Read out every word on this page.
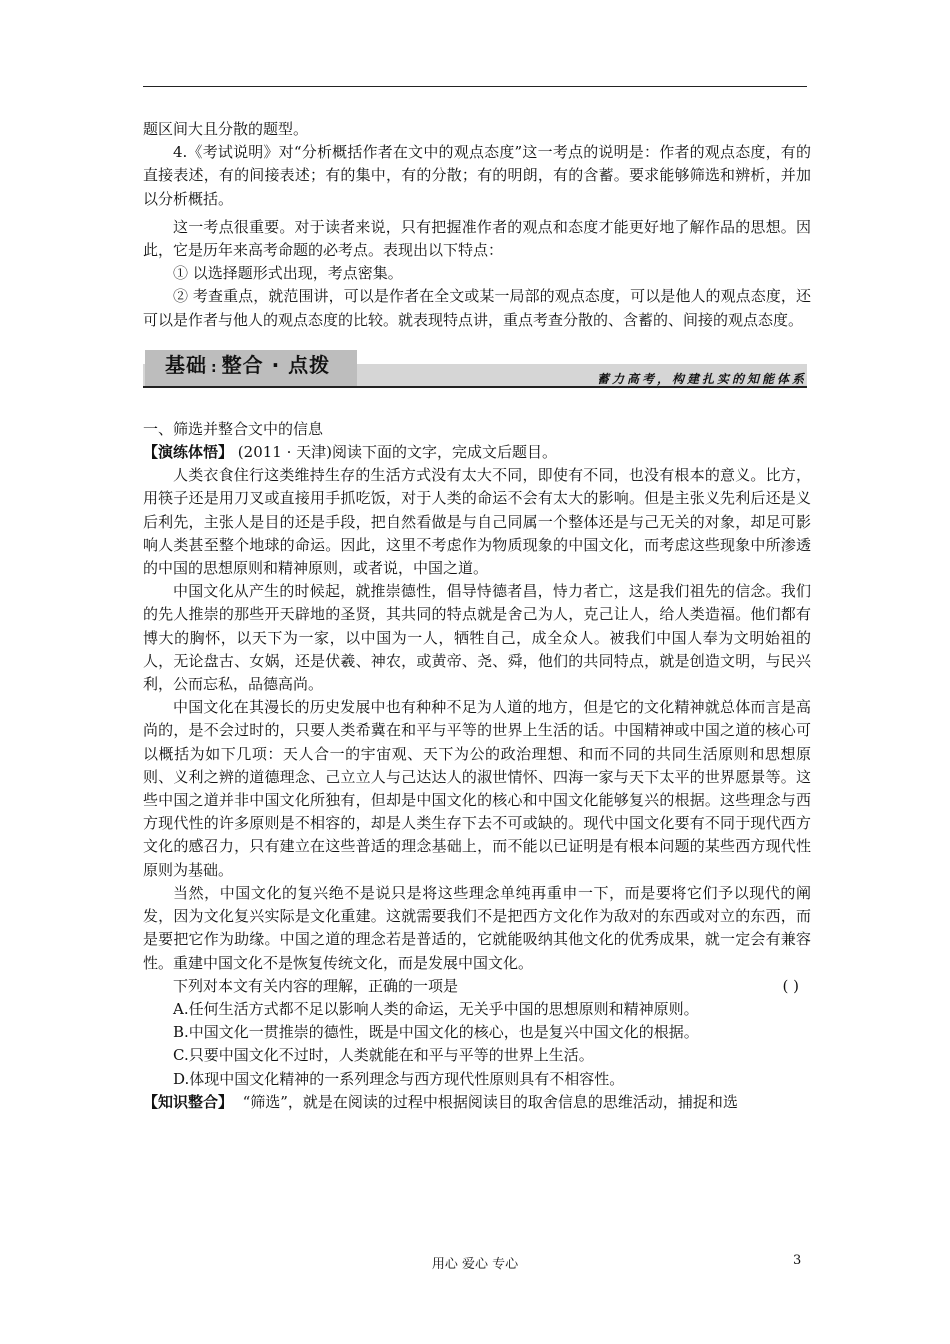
题区间大且分散的题型。

4.《考试说明》对“分析概括作者在文中的观点态度”这一考点的说明是：作者的观点态度，有的直接表述，有的间接表述；有的集中，有的分散；有的明朗，有的含蓄。要求能够筛选和辨析，并加以分析概括。

这一考点很重要。对于读者来说，只有把握准作者的观点和态度才能更好地了解作品的思想。因此，它是历年来高考命题的必考点。表现出以下特点：

① 以选择题形式出现，考点密集。

② 考查重点，就范围讲，可以是作者在全文或某一局部的观点态度，可以是他人的观点态度，还可以是作者与他人的观点态度的比较。就表现特点讲，重点考查分散的、含蓄的、间接的观点态度。

基础 : 整合 · 点拨
蓄力高考，构建扎实的知能体系

一、筛选并整合文中的信息

【演练体悟】 (2011 · 天津)阅读下面的文字，完成文后题目。

人类衣食住行这类维持生存的生活方式没有太大不同，即使有不同，也没有根本的意义。比方，用筷子还是用刀叉或直接用手抓吃饭，对于人类的命运不会有太大的影响。但是主张义先利后还是义后利先，主张人是目的还是手段，把自然看做是与自己同属一个整体还是与己无关的对象，却足可影响人类甚至整个地球的命运。因此，这里不考虑作为物质现象的中国文化，而考虑这些现象中所渗透的中国的思想原则和精神原则，或者说，中国之道。

中国文化从产生的时候起，就推崇德性，倡导恃德者昌，恃力者亡，这是我们祖先的信念。我们的先人推崇的那些开天辟地的圣贤，其共同的特点就是舍己为人，克己让人，给人类造福。他们都有博大的胸怀，以天下为一家，以中国为一人，牺牲自己，成全众人。被我们中国人奉为文明始祖的人，无论盘古、女娲，还是伏羲、神农，或黄帝、尧、舜，他们的共同特点，就是创造文明，与民兴利，公而忘私，品德高尚。

中国文化在其漫长的历史发展中也有种种不足为人道的地方，但是它的文化精神就总体而言是高尚的，是不会过时的，只要人类希冀在和平与平等的世界上生活的话。中国精神或中国之道的核心可以概括为如下几项：天人合一的宇宙观、天下为公的政治理想、和而不同的共同生活原则和思想原则、义利之辨的道德理念、己立立人与己达达人的淑世情怀、四海一家与天下太平的世界愿景等。这些中国之道并非中国文化所独有，但却是中国文化的核心和中国文化能够复兴的根据。这些理念与西方现代性的许多原则是不相容的，却是人类生存下去不可或缺的。现代中国文化要有不同于现代西方文化的感召力，只有建立在这些普适的理念基础上，而不能以已证明是有根本问题的某些西方现代性原则为基础。

当然，中国文化的复兴绝不是说只是将这些理念单纯再重申一下，而是要将它们予以现代的阐发，因为文化复兴实际是文化重建。这就需要我们不是把西方文化作为敌对的东西或对立的东西，而是要把它作为助缘。中国之道的理念若是普适的，它就能吸纳其他文化的优秀成果，就一定会有兼容性。重建中国文化不是恢复传统文化，而是发展中国文化。

下列对本文有关内容的理解，正确的一项是	( )

A.任何生活方式都不足以影响人类的命运，无关乎中国的思想原则和精神原则。

B.中国文化一贯推崇的德性，既是中国文化的核心，也是复兴中国文化的根据。

C.只要中国文化不过时，人类就能在和平与平等的世界上生活。

D.体现中国文化精神的一系列理念与西方现代性原则具有不相容性。

【知识整合】 “筛选”，就是在阅读的过程中根据阅读目的取舍信息的思维活动，捕捉和选

用心 爱心 专心	3
